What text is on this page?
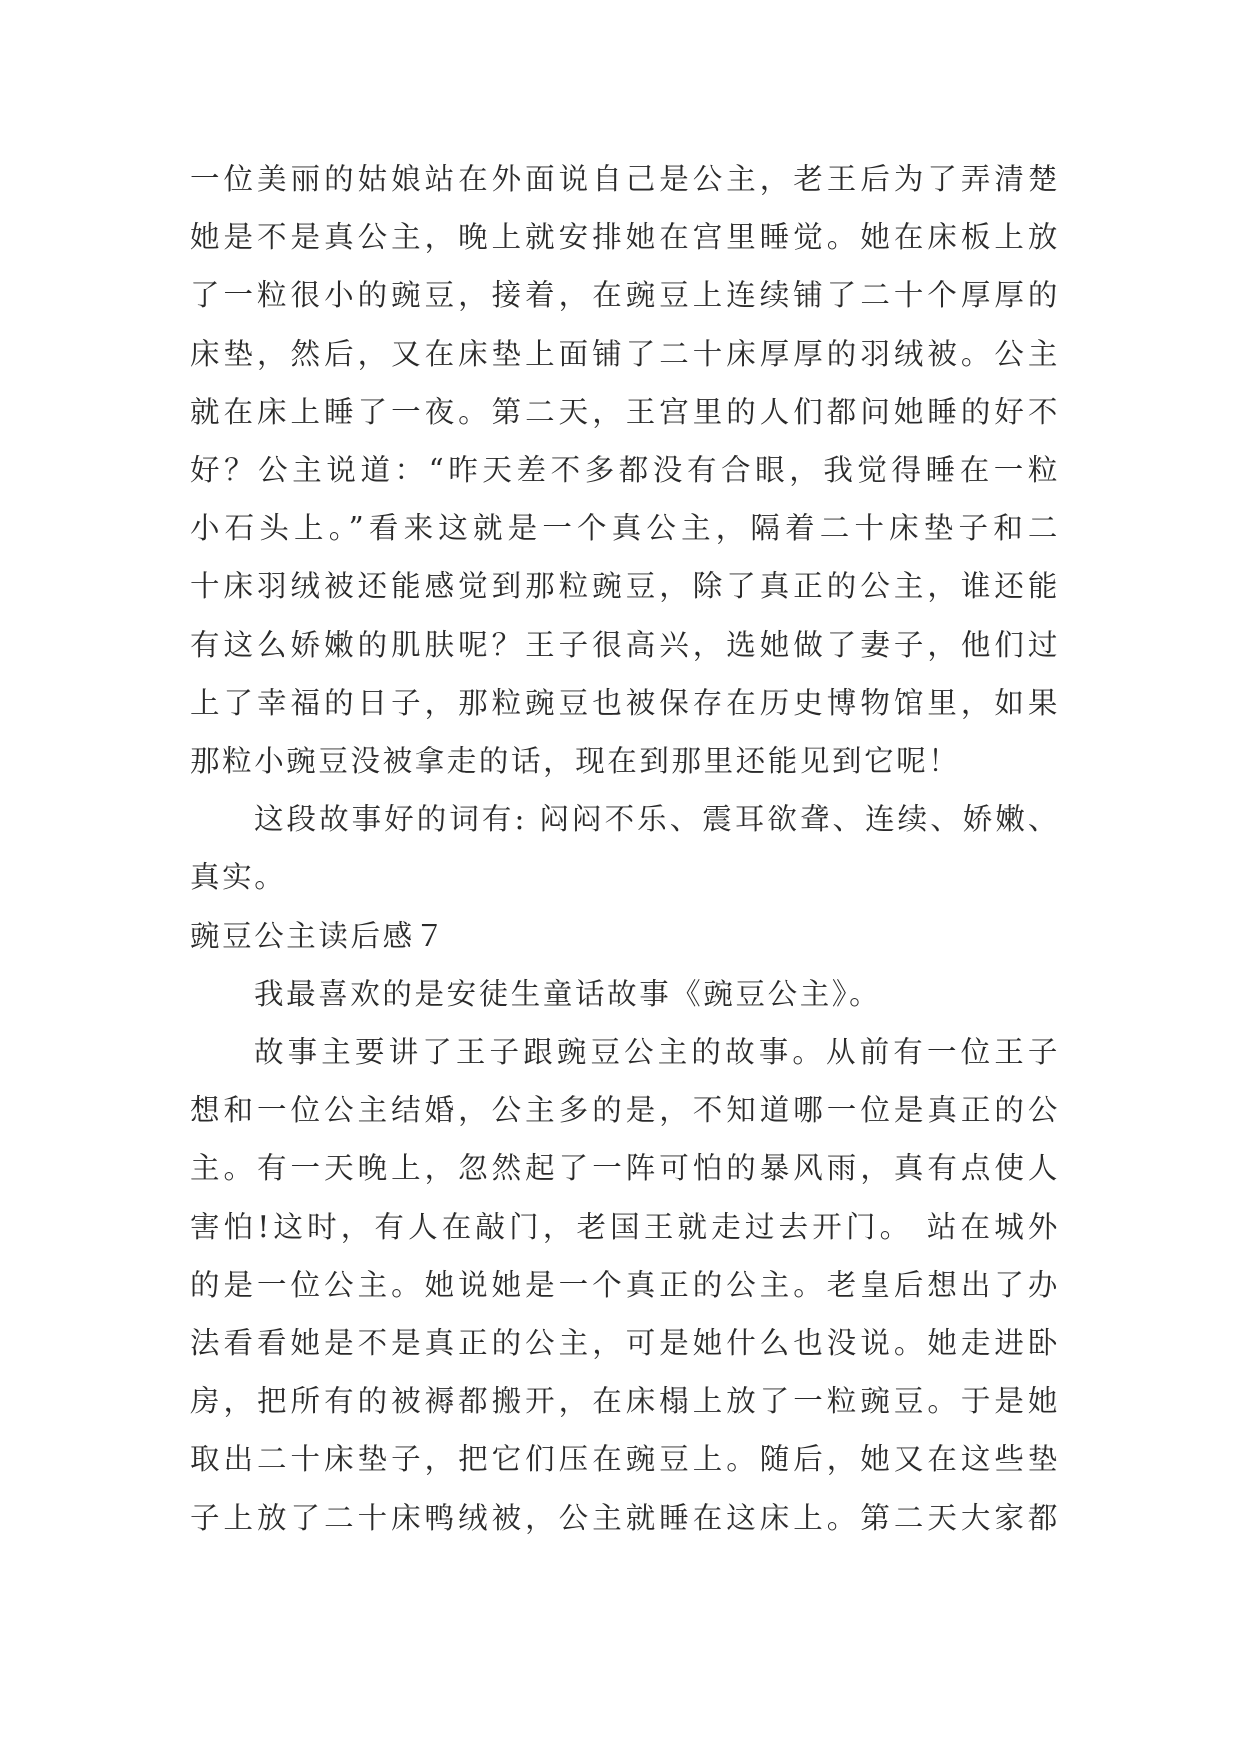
一位美丽的姑娘站在外面说自己是公主，老王后为了弄清楚
她是不是真公主，晚上就安排她在宫里睡觉。她在床板上放
了一粒很小的豌豆，接着，在豌豆上连续铺了二十个厚厚的
床垫，然后，又在床垫上面铺了二十床厚厚的羽绒被。公主
就在床上睡了一夜。第二天，王宫里的人们都问她睡的好不
好？公主说道：“昨天差不多都没有合眼，我觉得睡在一粒
小石头上。”看来这就是一个真公主，隔着二十床垫子和二
十床羽绒被还能感觉到那粒豌豆，除了真正的公主，谁还能
有这么娇嫩的肌肤呢？王子很高兴，选她做了妻子，他们过
上了幸福的日子，那粒豌豆也被保存在历史博物馆里，如果
那粒小豌豆没被拿走的话，现在到那里还能见到它呢！

这段故事好的词有: 闷闷不乐、震耳欲聋、连续、娇嫩、
真实。

豌豆公主读后感７

我最喜欢的是安徒生童话故事《豌豆公主》。

故事主要讲了王子跟豌豆公主的故事。从前有一位王子
想和一位公主结婚，公主多的是，不知道哪一位是真正的公
主。有一天晚上，忽然起了一阵可怕的暴风雨，真有点使人
害怕!这时，有人在敲门，老国王就走过去开门。 站在城外
的是一位公主。她说她是一个真正的公主。老皇后想出了办
法看看她是不是真正的公主，可是她什么也没说。她走进卧
房，把所有的被褥都搬开，在床榻上放了一粒豌豆。于是她
取出二十床垫子，把它们压在豌豆上。随后，她又在这些垫
子上放了二十床鸭绒被，公主就睡在这床上。第二天大家都
